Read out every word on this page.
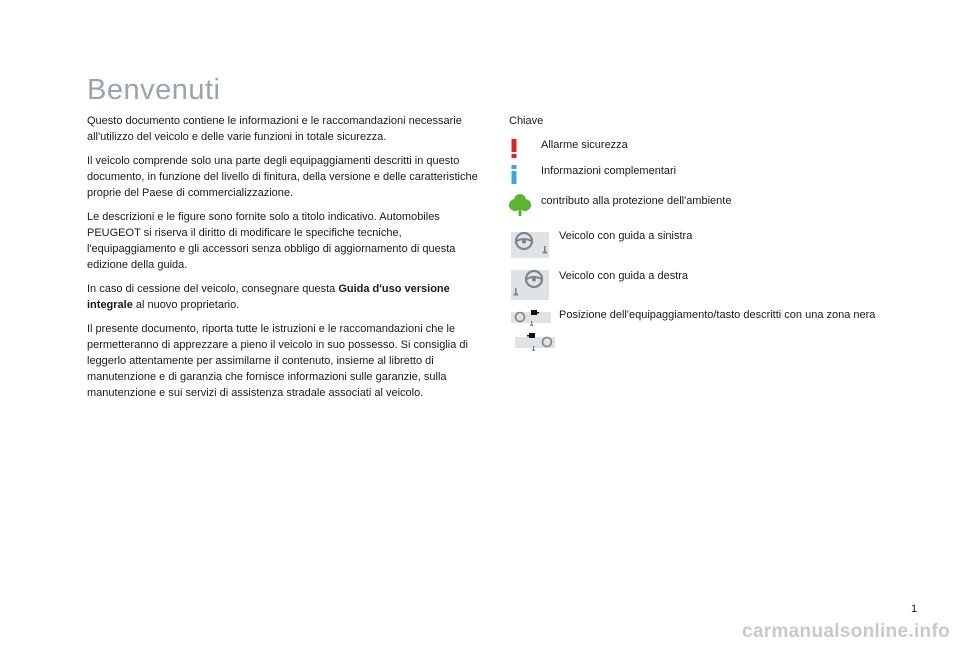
Benvenuti

Questo documento contiene le informazioni e le raccomandazioni necessarie all'utilizzo del veicolo e delle varie funzioni in totale sicurezza.

Il veicolo comprende solo una parte degli equipaggiamenti descritti in questo documento, in funzione del livello di finitura, della versione e delle caratteristiche proprie del Paese di commercializzazione.

Le descrizioni e le figure sono fornite solo a titolo indicativo. Automobiles PEUGEOT si riserva il diritto di modificare le specifiche tecniche, l'equipaggiamento e gli accessori senza obbligo di aggiornamento di questa edizione della guida.

In caso di cessione del veicolo, consegnare questa Guida d'uso versione integrale al nuovo proprietario.

Il presente documento, riporta tutte le istruzioni e le raccomandazioni che le permetteranno di apprezzare a pieno il veicolo in suo possesso. Si consiglia di leggerlo attentamente per assimilarne il contenuto, insieme al libretto di manutenzione e di garanzia che fornisce informazioni sulle garanzie, sulla manutenzione e sui servizi di assistenza stradale associati al veicolo.

Chiave
Allarme sicurezza
Informazioni complementari
contributo alla protezione dell'ambiente
Veicolo con guida a sinistra
Veicolo con guida a destra
Posizione dell'equipaggiamento/tasto descritti con una zona nera
1
carmanualsonline.info
